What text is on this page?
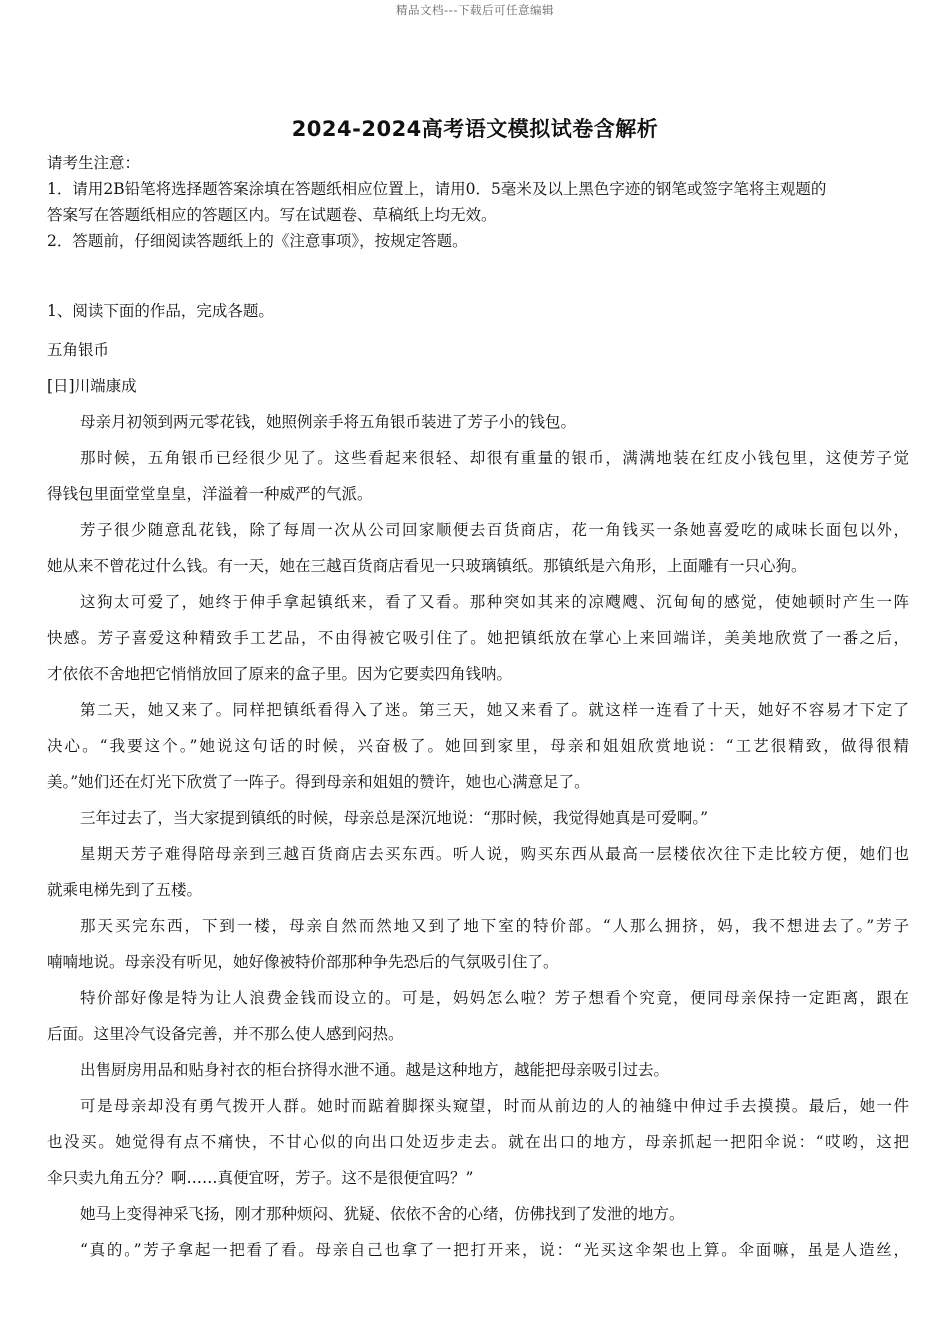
精品文档---下载后可任意编辑
2024-2024高考语文模拟试卷含解析
请考生注意：
1．请用2B铅笔将选择题答案涂填在答题纸相应位置上，请用0．5毫米及以上黑色字迹的钢笔或签字笔将主观题的
答案写在答题纸相应的答题区内。写在试题卷、草稿纸上均无效。
2．答题前，仔细阅读答题纸上的《注意事项》，按规定答题。
1、阅读下面的作品，完成各题。
五角银币
[日]川端康成
母亲月初领到两元零花钱，她照例亲手将五角银币装进了芳子小的钱包。
那时候，五角银币已经很少见了。这些看起来很轻、却很有重量的银币，满满地装在红皮小钱包里，这使芳子觉
得钱包里面堂堂皇皇，洋溢着一种威严的气派。
芳子很少随意乱花钱，除了每周一次从公司回家顺便去百货商店，花一角钱买一条她喜爱吃的咸味长面包以外，
她从来不曾花过什么钱。有一天，她在三越百货商店看见一只玻璃镇纸。那镇纸是六角形，上面雕有一只心狗。
这狗太可爱了，她终于伸手拿起镇纸来，看了又看。那种突如其来的凉飕飕、沉甸甸的感觉，使她顿时产生一阵
快感。芳子喜爱这种精致手工艺品，不由得被它吸引住了。她把镇纸放在掌心上来回端详，美美地欣赏了一番之后，
才依依不舍地把它悄悄放回了原来的盒子里。因为它要卖四角钱呐。
第二天，她又来了。同样把镇纸看得入了迷。第三天，她又来看了。就这样一连看了十天，她好不容易才下定了
决心。“我要这个。”她说这句话的时候，兴奋极了。她回到家里，母亲和姐姐欣赏地说：“工艺很精致，做得很精
美。”她们还在灯光下欣赏了一阵子。得到母亲和姐姐的赞许，她也心满意足了。
三年过去了，当大家提到镇纸的时候，母亲总是深沉地说：“那时候，我觉得她真是可爱啊。”
星期天芳子难得陪母亲到三越百货商店去买东西。听人说，购买东西从最高一层楼依次往下走比较方便，她们也
就乘电梯先到了五楼。
那天买完东西，下到一楼，母亲自然而然地又到了地下室的特价部。“人那么拥挤，妈，我不想进去了。”芳子
喃喃地说。母亲没有听见，她好像被特价部那种争先恐后的气氛吸引住了。
特价部好像是特为让人浪费金钱而设立的。可是，妈妈怎么啦？芳子想看个究竟，便同母亲保持一定距离，跟在
后面。这里冷气设备完善，并不那么使人感到闷热。
出售厨房用品和贴身衬衣的柜台挤得水泄不通。越是这种地方，越能把母亲吸引过去。
可是母亲却没有勇气拨开人群。她时而踮着脚探头窥望，时而从前边的人的袖缝中伸过手去摸摸。最后，她一件
也没买。她觉得有点不痛快，不甘心似的向出口处迈步走去。就在出口的地方，母亲抓起一把阳伞说：“哎哟，这把
伞只卖九角五分？啊……真便宜呀，芳子。这不是很便宜吗？”
她马上变得神采飞扬，刚才那种烦闷、犹疑、依依不舍的心绪，仿佛找到了发泄的地方。
“真的。”芳子拿起一把看了看。母亲自己也拿了一把打开来，说：“光买这伞架也上算。伞面嘛，虽是人造丝，
